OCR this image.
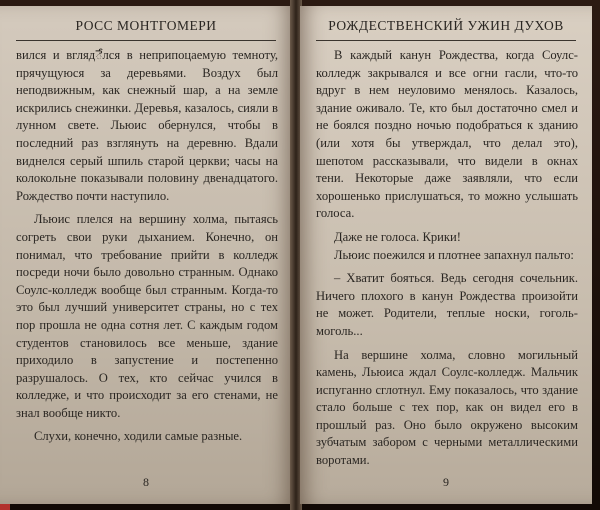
РОСС МОНТГОМЕРИ

вился и вглядేлся в неприпоцаемую темноту, прячущуюся за деревьями. Воздух был неподвижным, как снежный шар, а на земле искрились снежинки. Деревья, казалось, сияли в лунном свете. Льюис обернулся, чтобы в последний раз взглянуть на деревню. Вдали виднелся серый шпиль старой церкви; часы на колокольне показывали половину двенадцатого. Рождество почти наступило.

Льюис плелся на вершину холма, пытаясь согреть свои руки дыханием. Конечно, он понимал, что требование прийти в колледж посреди ночи было довольно странным. Однако Соулс-колледж вообще был странным. Когда-то это был лучший университет страны, но с тех пор прошла не одна сотня лет. С каждым годом студентов становилось все меньше, здание приходило в запустение и постепенно разрушалось. О тех, кто сейчас учился в колледже, и что происходит за его стенами, не знал вообще никто.

Слухи, конечно, ходили самые разные.

8
РОЖДЕСТВЕНСКИЙ УЖИН ДУХОВ

В каждый канун Рождества, когда Соулс-колледж закрывался и все огни гасли, что-то вдруг в нем неуловимо менялось. Казалось, здание оживало. Те, кто был достаточно смел и не боялся поздно ночью подобраться к зданию (или хотя бы утверждал, что делал это), шепотом рассказывали, что видели в окнах тени. Некоторые даже заявляли, что если хорошенько прислушаться, то можно услышать голоса.

Даже не голоса. Крики!

Льюис поежился и плотнее запахнул пальто:

– Хватит бояться. Ведь сегодня сочельник. Ничего плохого в канун Рождества произойти не может. Родители, теплые носки, гоголь-моголь...

На вершине холма, словно могильный камень, Льюиса ждал Соулс-колледж. Мальчик испуганно сглотнул. Ему показалось, что здание стало больше с тех пор, как он видел его в прошлый раз. Оно было окружено высоким зубчатым забором с черными металлическими воротами.

9
